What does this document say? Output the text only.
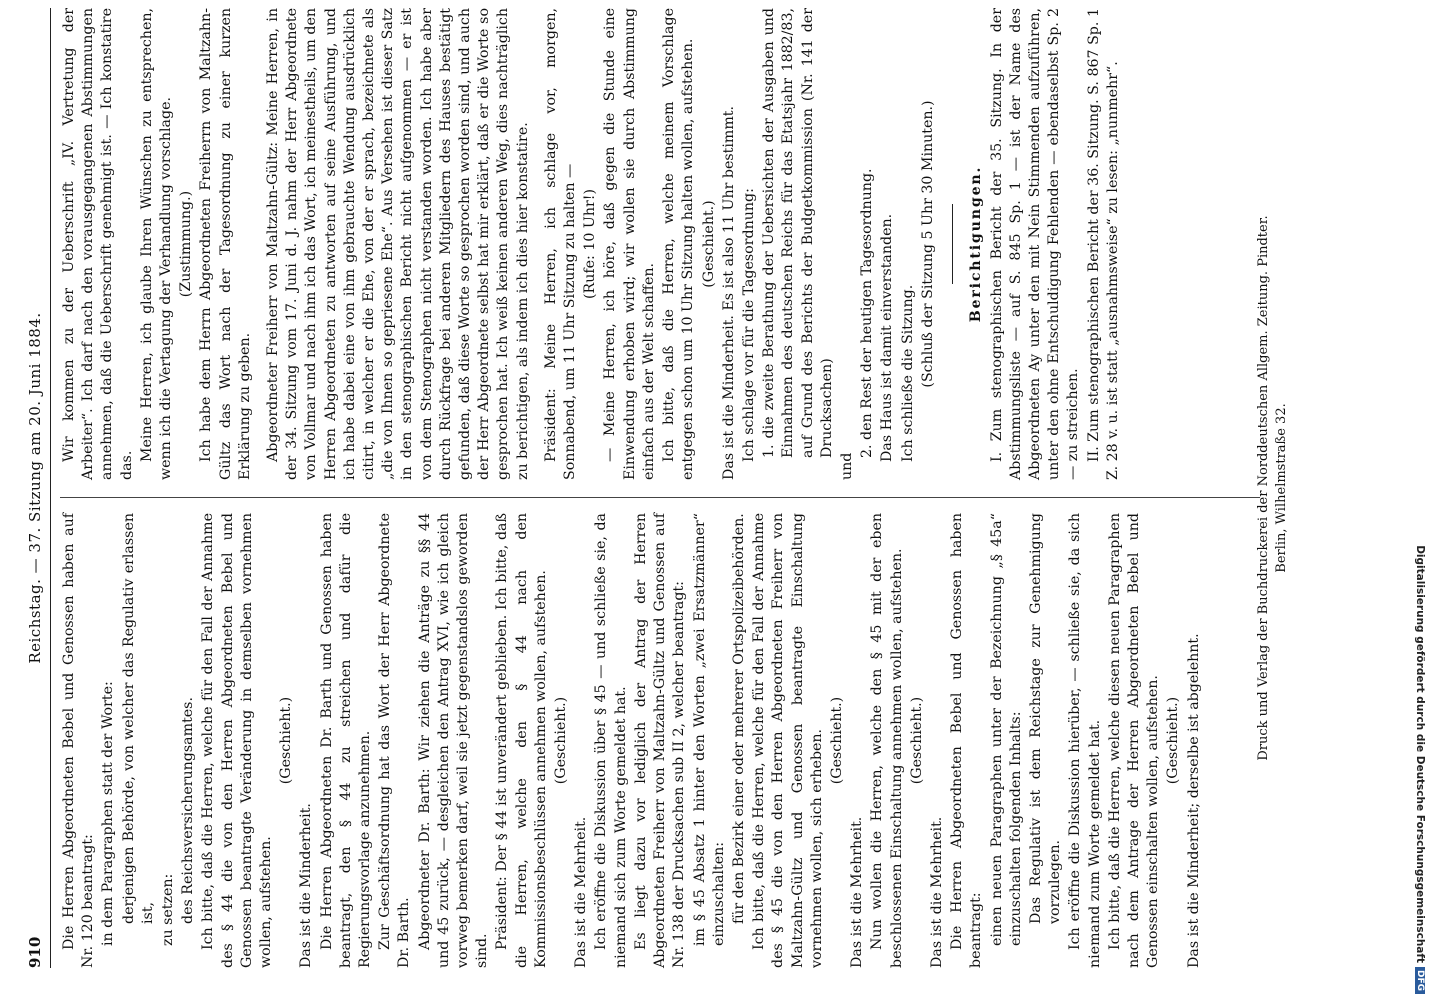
910
Reichstag. — 37. Sitzung am 20. Juni 1884.

Die Herren Abgeordneten Bebel und Genossen haben auf Nr. 120 beantragt: in dem Paragraphen statt der Worte: derjenigen Behörde, von welcher das Regulativ erlassen ist, zu setzen: des Reichsversicherungsamtes. Ich bitte, daß die Herren, welche für den Fall der Annahme des § 44 die von den Herren Abgeordneten Bebel und Genossen beantragte Veränderung in demselben vornehmen wollen, aufstehen.

(Geschieht.)

Das ist die Minderheit. Die Herren Abgeordneten Dr. Barth und Genossen haben beantragt, den § 44 zu streichen und dafür die Regierungsvorlage anzunehmen. Zur Geschäftsordnung hat das Wort der Herr Abgeordnete Dr. Barth. Abgeordneter Dr. Barth: Wir ziehen die Anträge zu §§ 44 und 45 zurück, — desgleichen den Antrag XVI, wie ich gleich vorweg bemerken darf, weil sie jetzt gegenstandslos geworden sind.

Präsident: Der § 44 ist unverändert geblieben. Ich bitte, daß die Herren, welche den § 44 nach den Kommissionsbeschlüssen annehmen wollen, aufstehen. (Geschieht.)

Das ist die Mehrheit. Ich eröffne die Diskussion über § 45 — und schließe sie, da niemand sich zum Worte gemeldet hat. Es liegt dazu vor lediglich der Antrag der Herren Abgeordneten Freiherr von Maltzahn-Gültz und Genossen auf Nr. 138 der Drucksachen sub II 2, welcher beantragt: im § 45 Absatz 1 hinter den Worten „zwei Ersatzmänner“ einzuschalten: für den Bezirk einer oder mehrerer Ortspolizeibehörden. Ich bitte, daß die Herren, welche für den Fall der Annahme des § 45 die von den Herren Abgeordneten Freiherr von Maltzahn-Gültz und Genossen beantragte Einschaltung vornehmen wollen, sich erheben. (Geschieht.)

Das ist die Mehrheit. Nun wollen die Herren, welche den § 45 mit der eben beschlossenen Einschaltung annehmen wollen, aufstehen. (Geschieht.)

Das ist die Mehrheit. Die Herren Abgeordneten Bebel und Genossen haben beantragt: einen neuen Paragraphen unter der Bezeichnung „§ 45a“ einzuschalten folgenden Inhalts: Das Regulativ ist dem Reichstage zur Genehmigung vorzulegen. Ich eröffne die Diskussion hierüber, — schließe sie, da sich niemand zum Worte gemeldet hat. Ich bitte, daß die Herren, welche diesen neuen Paragraphen nach dem Antrage der Herren Abgeordneten Bebel und Genossen einschalten wollen, aufstehen. (Geschieht.) Das ist die Minderheit; derselbe ist abgelehnt.

Wir kommen zu der Ueberschrift „IV. Vertretung der Arbeiter“. Ich darf nach den vorausgegangenen Abstimmungen annehmen, daß die Ueberschrift genehmigt ist. — Ich konstatire das.

Meine Herren, ich glaube Ihren Wünschen zu entsprechen, wenn ich die Vertagung der Verhandlung vorschlage. (Zustimmung.) Ich habe dem Herrn Abgeordneten Freiherrn von Maltzahn-Gültz das Wort nach der Tagesordnung zu einer kurzen Erklärung zu geben. Abgeordneter Freiherr von Maltzahn-Gültz: Meine Herren, in der 34. Sitzung vom 17. Juni d. J. nahm der Herr Abgeordnete von Vollmar und nach ihm ich das Wort, ich meinestheils, um den Herren Abgeordneten zu antworten auf seine Ausführung, und ich habe dabei eine von ihm gebrauchte Wendung ausdrücklich citirt, in welcher er die Ehe, von der er sprach, bezeichnete als „die von Ihnen so gepriesene Ehe“. Aus Versehen ist dieser Satz in den stenographischen Bericht nicht aufgenommen — er ist von dem Stenographen nicht verstanden worden. Ich habe aber durch Rückfrage bei anderen Mitgliedern des Hauses bestätigt gefunden, daß diese Worte so gesprochen worden sind, und auch der Herr Abgeordnete selbst hat mir erklärt, daß er die Worte so gesprochen hat. Ich weiß keinen anderen Weg, dies nachträglich zu berichtigen, als indem ich dies hier konstatire. Präsident: Meine Herren, ich schlage vor, morgen, Sonnabend, um 11 Uhr Sitzung zu halten — (Rufe: 10 Uhr!) — Meine Herren, ich höre, daß gegen die Stunde eine Einwendung erhoben wird; wir wollen sie durch Abstimmung einfach aus der Welt schaffen. Ich bitte, daß die Herren, welche meinem Vorschlage entgegen schon um 10 Uhr Sitzung halten wollen, aufstehen. (Geschieht.) Das ist die Minderheit. Es ist also 11 Uhr bestimmt. Ich schlage vor für die Tagesordnung: 1. die zweite Berathung der Uebersichten der Ausgaben und Einnahmen des deutschen Reichs für das Etatsjahr 1882/83, auf Grund des Berichts der Budgetkommission (Nr. 141 der Drucksachen)

und

2. den Rest der heutigen Tagesordnung. Das Haus ist damit einverstanden. Ich schließe die Sitzung. (Schluß der Sitzung 5 Uhr 30 Minuten.) Berichtigungen. I. Zum stenographischen Bericht der 35. Sitzung. In der Abstimmungsliste — auf S. 845 Sp. 1 — ist der Name des Abgeordneten Ay unter den mit Nein Stimmenden aufzuführen, unter den ohne Entschuldigung Fehlenden — ebendaselbst Sp. 2 — zu streichen. II. Zum stenographischen Bericht der 36. Sitzung. S. 867 Sp. 1 Z. 28 v. u. ist statt „ausnahmsweise“ zu lesen: „nunmehr“.	Druck und Verlag der Buchdruckerei der Norddeutschen Allgem. Zeitung. Pindter. Berlin, Wilhelmstraße 32.
Digitalisierung gefördert durch die Deutsche Forschungsgemeinschaft
DFG
